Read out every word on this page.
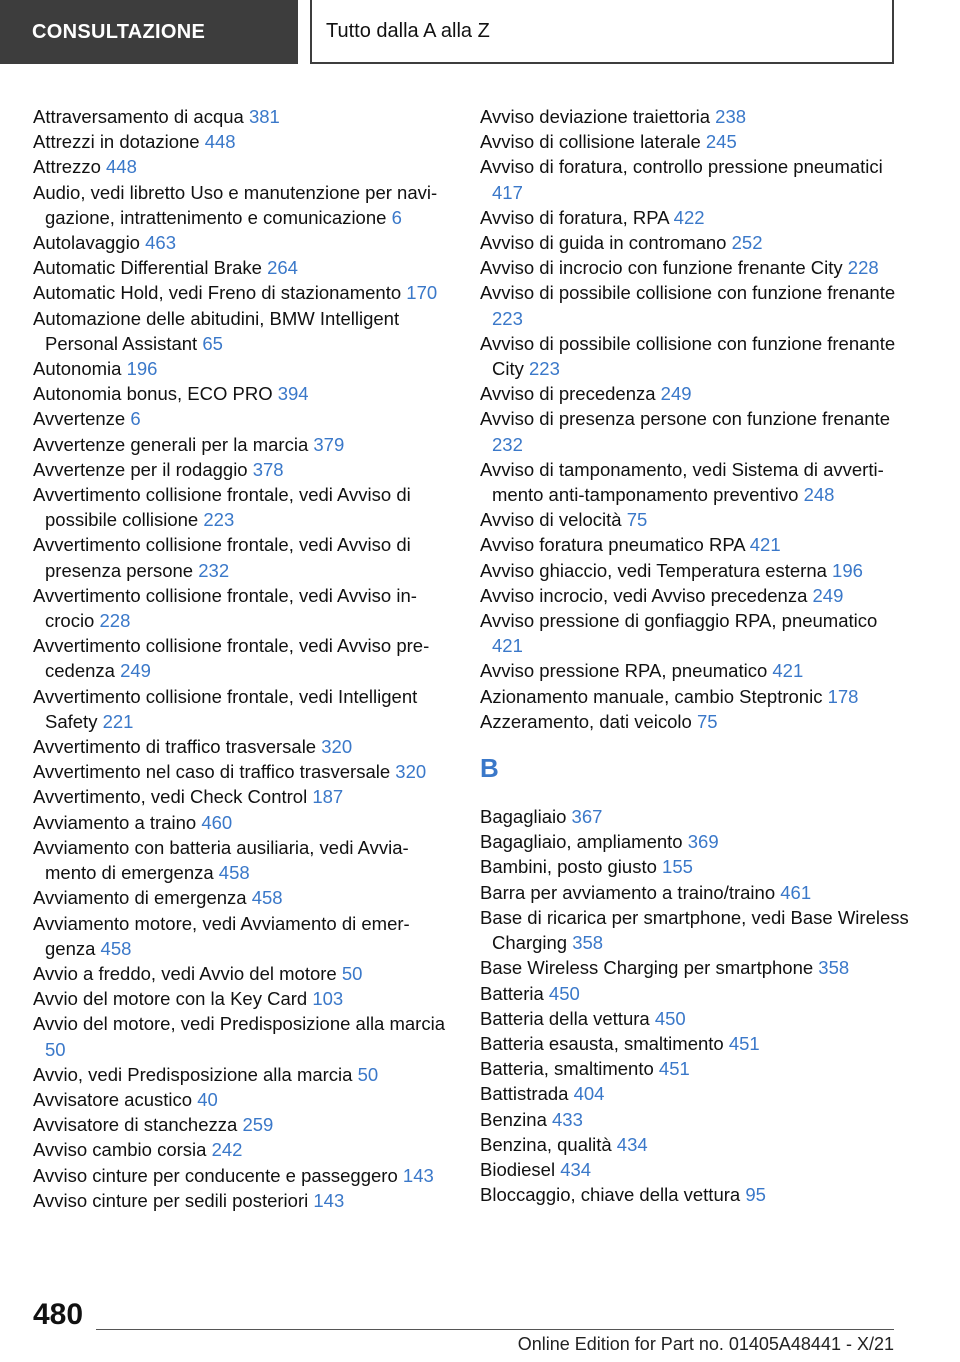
CONSULTAZIONE	Tutto dalla A alla Z
Attraversamento di acqua 381
Attrezzi in dotazione 448
Attrezzo 448
Audio, vedi libretto Uso e manutenzione per navigazione, intrattenimento e comunicazione 6
Autolavaggio 463
Automatic Differential Brake 264
Automatic Hold, vedi Freno di stazionamento 170
Automazione delle abitudini, BMW Intelligent Personal Assistant 65
Autonomia 196
Autonomia bonus, ECO PRO 394
Avvertenze 6
Avvertenze generali per la marcia 379
Avvertenze per il rodaggio 378
Avvertimento collisione frontale, vedi Avviso di possibile collisione 223
Avvertimento collisione frontale, vedi Avviso di presenza persone 232
Avvertimento collisione frontale, vedi Avviso incrocio 228
Avvertimento collisione frontale, vedi Avviso precedenza 249
Avvertimento collisione frontale, vedi Intelligent Safety 221
Avvertimento di traffico trasversale 320
Avvertimento nel caso di traffico trasversale 320
Avvertimento, vedi Check Control 187
Avviamento a traino 460
Avviamento con batteria ausiliaria, vedi Avviamento di emergenza 458
Avviamento di emergenza 458
Avviamento motore, vedi Avviamento di emergenza 458
Avvio a freddo, vedi Avvio del motore 50
Avvio del motore con la Key Card 103
Avvio del motore, vedi Predisposizione alla marcia 50
Avvio, vedi Predisposizione alla marcia 50
Avvisatore acustico 40
Avvisatore di stanchezza 259
Avviso cambio corsia 242
Avviso cinture per conducente e passeggero 143
Avviso cinture per sedili posteriori 143
Avviso deviazione traiettoria 238
Avviso di collisione laterale 245
Avviso di foratura, controllo pressione pneumatici 417
Avviso di foratura, RPA 422
Avviso di guida in contromano 252
Avviso di incrocio con funzione frenante City 228
Avviso di possibile collisione con funzione frenante 223
Avviso di possibile collisione con funzione frenante City 223
Avviso di precedenza 249
Avviso di presenza persone con funzione frenante 232
Avviso di tamponamento, vedi Sistema di avvertimento anti-tamponamento preventivo 248
Avviso di velocità 75
Avviso foratura pneumatico RPA 421
Avviso ghiaccio, vedi Temperatura esterna 196
Avviso incrocio, vedi Avviso precedenza 249
Avviso pressione di gonfiaggio RPA, pneumatico 421
Avviso pressione RPA, pneumatico 421
Azionamento manuale, cambio Steptronic 178
Azzeramento, dati veicolo 75
B
Bagagliaio 367
Bagagliaio, ampliamento 369
Bambini, posto giusto 155
Barra per avviamento a traino/traino 461
Base di ricarica per smartphone, vedi Base Wireless Charging 358
Base Wireless Charging per smartphone 358
Batteria 450
Batteria della vettura 450
Batteria esausta, smaltimento 451
Batteria, smaltimento 451
Battistrada 404
Benzina 433
Benzina, qualità 434
Biodiesel 434
Bloccaggio, chiave della vettura 95
480
Online Edition for Part no. 01405A48441 - X/21
